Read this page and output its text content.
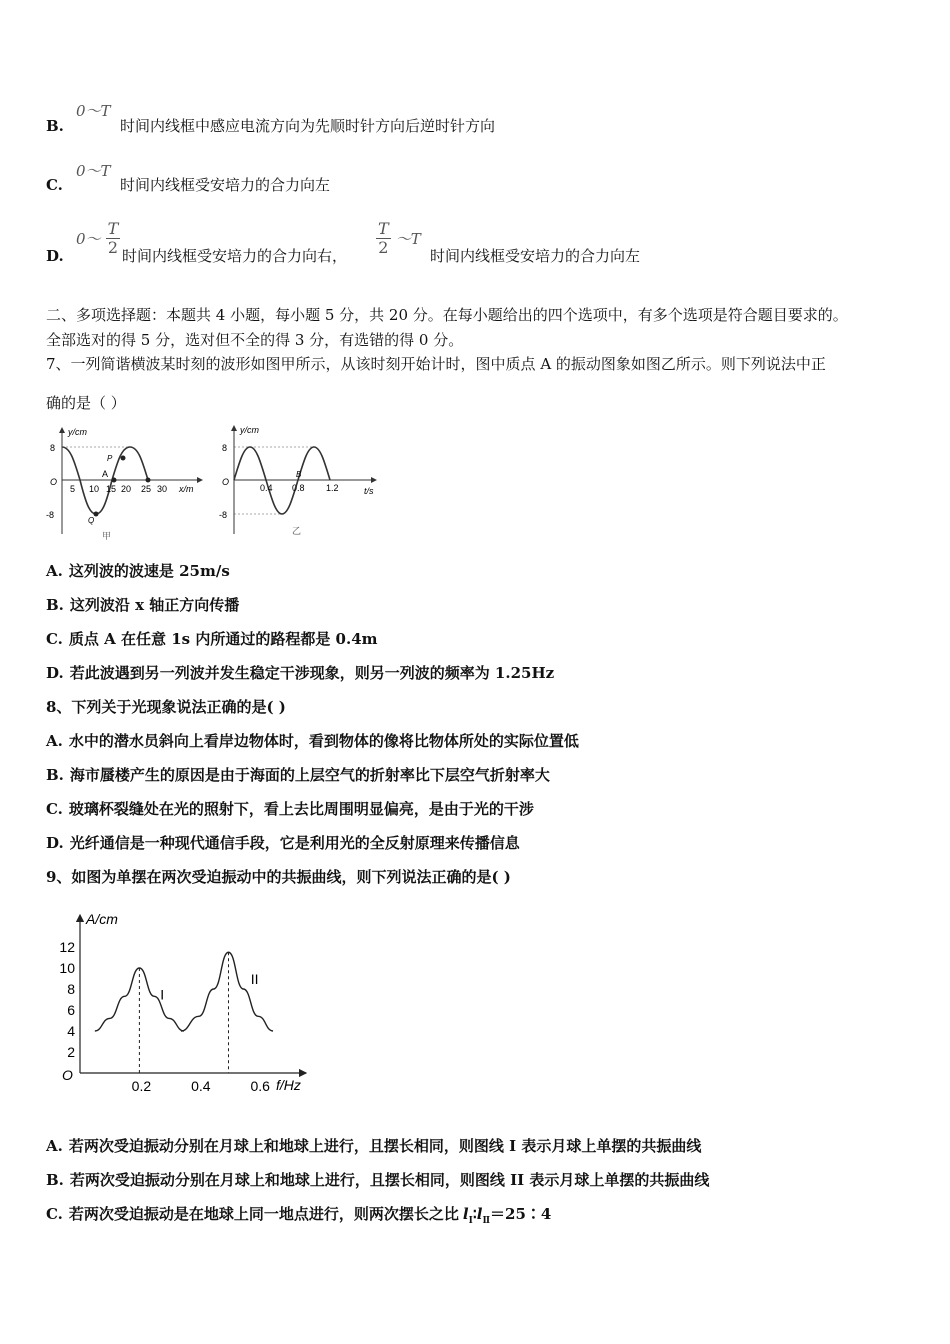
B.
0～T
时间内线框中感应电流方向为先顺时针方向后逆时针方向
C.
0～T
时间内线框受安培力的合力向左
D.
0～ $\frac{T}{2}$ 时间内线框受安培力的合力向右， $\frac{T}{2}$ ～T
时间内线框受安培力的合力向左
二、多项选择题：本题共 4 小题，每小题 5 分，共 20 分。在每小题给出的四个选项中，有多个选项是符合题目要求的。
全部选对的得 5 分，选对但不全的得 3 分，有选错的得 0 分。
7、一列简谐横波某时刻的波形如图甲所示，从该时刻开始计时，图中质点 A 的振动图象如图乙所示。则下列说法中正
确的是（ ）
y/cm
8
-8
O
5 10 15 20 25 30 x/m
A
P
Q
甲
y/cm
8
-8
O
0.4 0.8 1.2
B
t/s
乙
A. 这列波的波速是 25m/s
B. 这列波沿 x 轴正方向传播
C. 质点 A 在任意 1s 内所通过的路程都是 0.4m
D. 若此波遇到另一列波并发生稳定干涉现象，则另一列波的频率为 1.25Hz
8、下列关于光现象说法正确的是( )
A. 水中的潜水员斜向上看岸边物体时，看到物体的像将比物体所处的实际位置低
B. 海市蜃楼产生的原因是由于海面的上层空气的折射率比下层空气折射率大
C. 玻璃杯裂缝处在光的照射下，看上去比周围明显偏亮，是由于光的干涉
D. 光纤通信是一种现代通信手段，它是利用光的全反射原理来传播信息
9、如图为单摆在两次受迫振动中的共振曲线，则下列说法正确的是( )
A/cm
f/Hz
O
2
4
6
8
10
12
0.2	0.4	0.6
I
II
A. 若两次受迫振动分别在月球上和地球上进行，且摆长相同，则图线 I 表示月球上单摆的共振曲线
B. 若两次受迫振动分别在月球上和地球上进行，且摆长相同，则图线 II 表示月球上单摆的共振曲线
C. 若两次受迫振动是在地球上同一地点进行，则两次摆长之比 $l_Ⅰ∶l_Ⅱ=25∶4$
